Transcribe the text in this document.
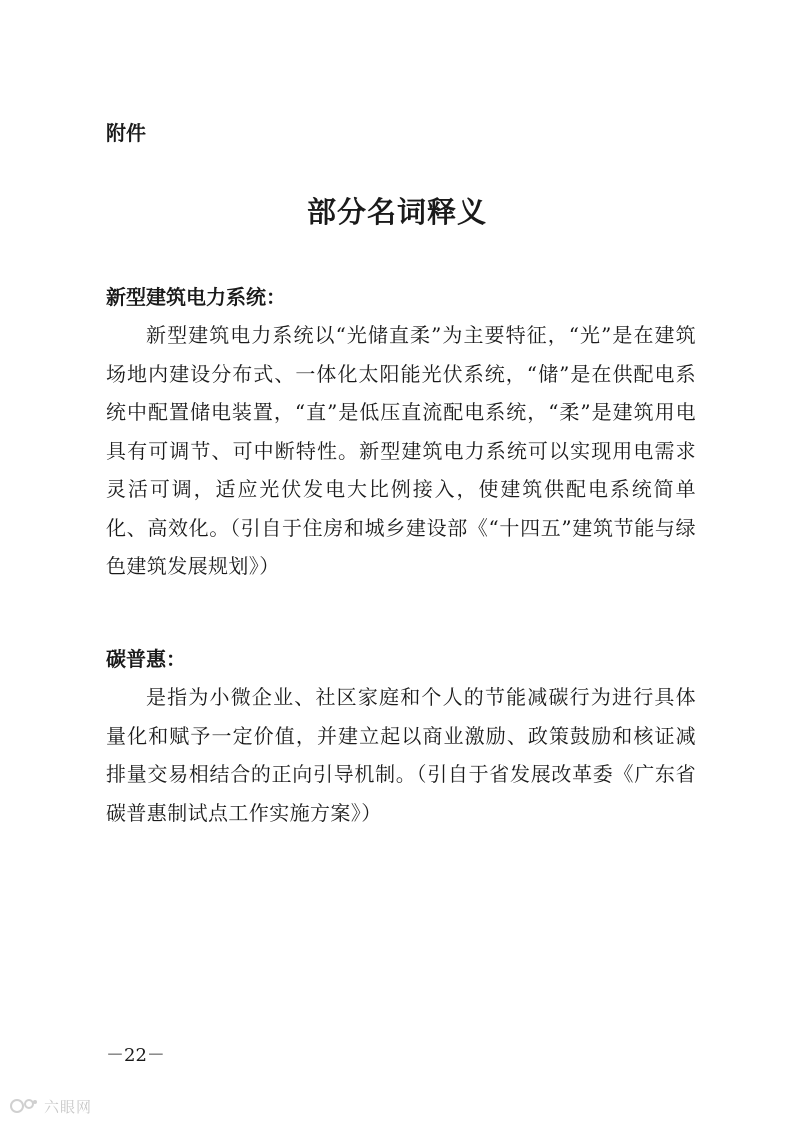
附件
部分名词释义

新型建筑电力系统：

新型建筑电力系统以“光储直柔”为主要特征，“光”是在建筑场地内建设分布式、一体化太阳能光伏系统，“储”是在供配电系统中配置储电装置，“直”是低压直流配电系统，“柔”是建筑用电具有可调节、可中断特性。新型建筑电力系统可以实现用电需求灵活可调，适应光伏发电大比例接入，使建筑供配电系统简单化、高效化。（引自于住房和城乡建设部《“十四五”建筑节能与绿色建筑发展规划》）

碳普惠：

是指为小微企业、社区家庭和个人的节能减碳行为进行具体量化和赋予一定价值，并建立起以商业激励、政策鼓励和核证减排量交易相结合的正向引导机制。（引自于省发展改革委《广东省碳普惠制试点工作实施方案》）

－22－
六眼网
